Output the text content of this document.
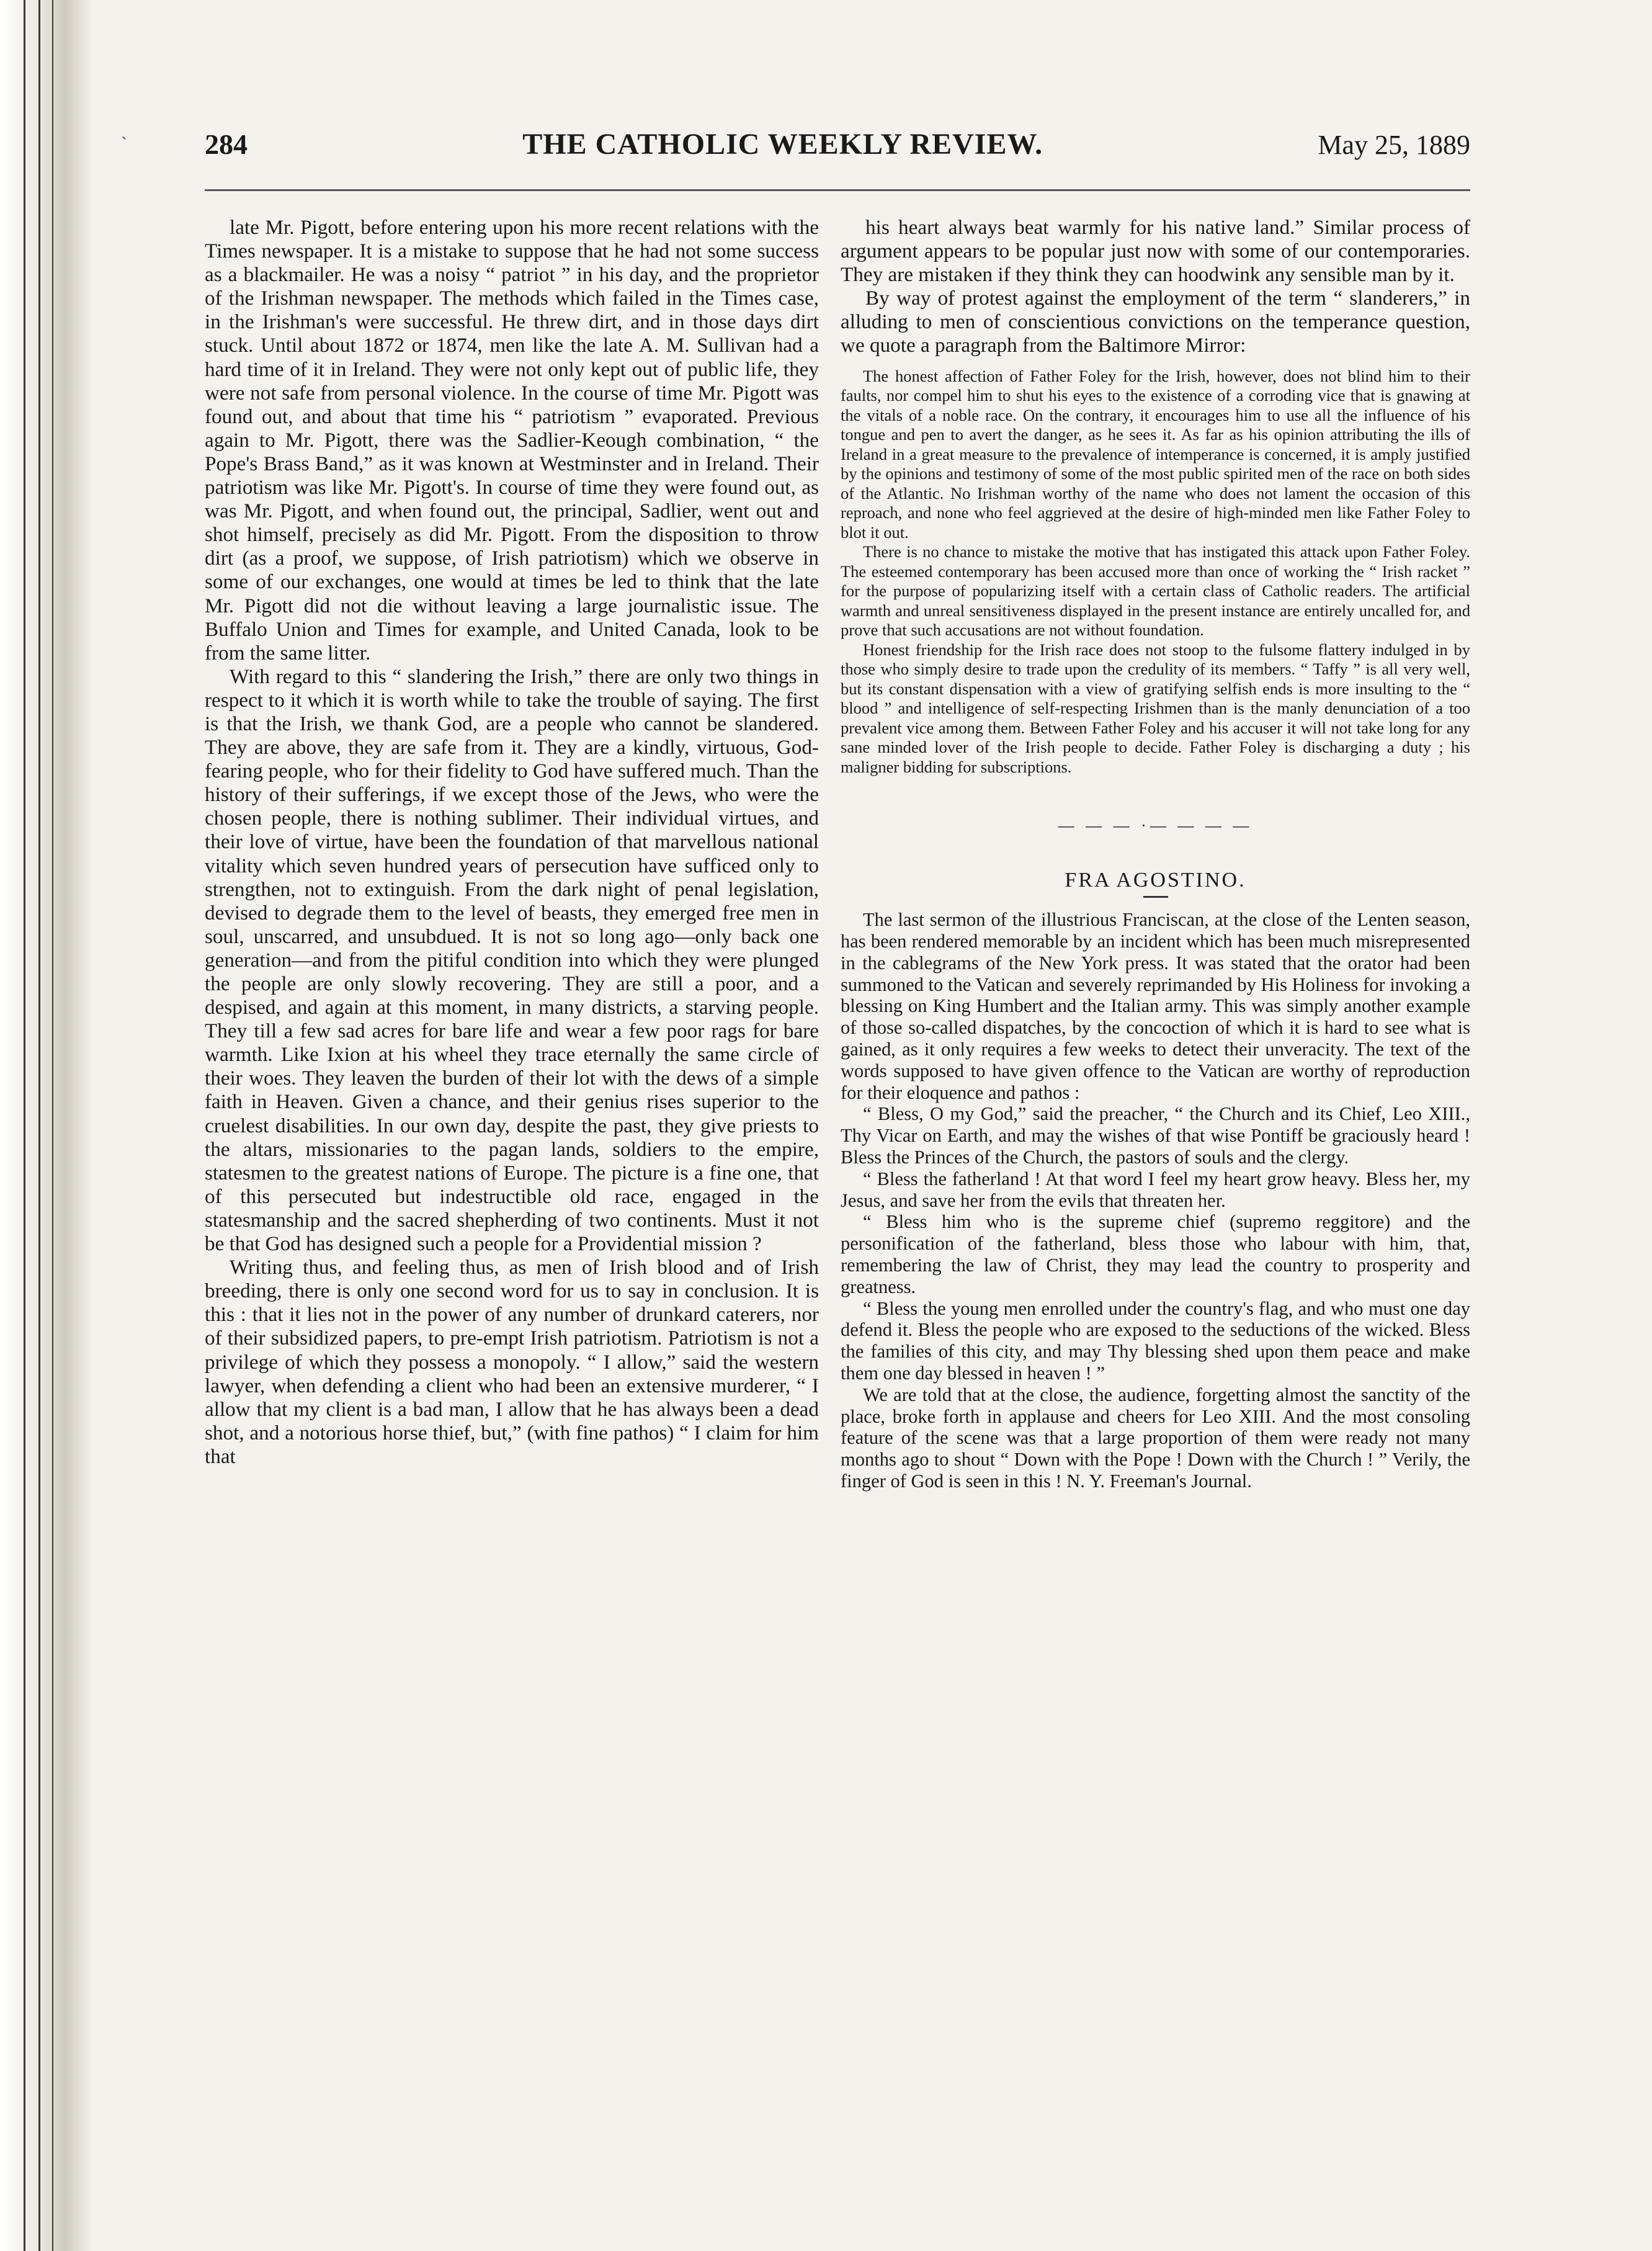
`	284	THE CATHOLIC WEEKLY REVIEW.	May 25, 1889

late Mr. Pigott, before entering upon his more recent relations with the Times newspaper. It is a mistake to suppose that he had not some success as a blackmailer. He was a noisy “ patriot ” in his day, and the proprietor of the Irishman newspaper. The methods which failed in the Times case, in the Irishman's were successful. He threw dirt, and in those days dirt stuck. Until about 1872 or 1874, men like the late A. M. Sullivan had a hard time of it in Ireland. They were not only kept out of public life, they were not safe from personal violence. In the course of time Mr. Pigott was found out, and about that time his “ patriotism ” evaporated. Previous again to Mr. Pigott, there was the Sadlier-Keough combination, “ the Pope's Brass Band,” as it was known at Westminster and in Ireland. Their patriotism was like Mr. Pigott's. In course of time they were found out, as was Mr. Pigott, and when found out, the principal, Sadlier, went out and shot himself, precisely as did Mr. Pigott. From the disposition to throw dirt (as a proof, we suppose, of Irish patriotism) which we observe in some of our exchanges, one would at times be led to think that the late Mr. Pigott did not die without leaving a large journalistic issue. The Buffalo Union and Times for example, and United Canada, look to be from the same litter.

With regard to this “ slandering the Irish,” there are only two things in respect to it which it is worth while to take the trouble of saying. The first is that the Irish, we thank God, are a people who cannot be slandered. They are above, they are safe from it. They are a kindly, virtuous, God-fearing people, who for their fidelity to God have suffered much. Than the history of their sufferings, if we except those of the Jews, who were the chosen people, there is nothing sublimer. Their individual virtues, and their love of virtue, have been the foundation of that marvellous national vitality which seven hundred years of persecution have sufficed only to strengthen, not to extinguish. From the dark night of penal legislation, devised to degrade them to the level of beasts, they emerged free men in soul, unscarred, and unsubdued. It is not so long ago—only back one generation—and from the pitiful condition into which they were plunged the people are only slowly recovering. They are still a poor, and a despised, and again at this moment, in many districts, a starving people. They till a few sad acres for bare life and wear a few poor rags for bare warmth. Like Ixion at his wheel they trace eternally the same circle of their woes. They leaven the burden of their lot with the dews of a simple faith in Heaven. Given a chance, and their genius rises superior to the cruelest disabilities. In our own day, despite the past, they give priests to the altars, missionaries to the pagan lands, soldiers to the empire, statesmen to the greatest nations of Europe. The picture is a fine one, that of this persecuted but indestructible old race, engaged in the statesmanship and the sacred shepherding of two continents. Must it not be that God has designed such a people for a Providential mission ?

Writing thus, and feeling thus, as men of Irish blood and of Irish breeding, there is only one second word for us to say in conclusion. It is this : that it lies not in the power of any number of drunkard caterers, nor of their subsidized papers, to pre-empt Irish patriotism. Patriotism is not a privilege of which they possess a monopoly. “ I allow,” said the western lawyer, when defending a client who had been an extensive murderer, “ I allow that my client is a bad man, I allow that he has always been a dead shot, and a notorious horse thief, but,” (with fine pathos) “ I claim for him that

his heart always beat warmly for his native land.” Similar process of argument appears to be popular just now with some of our contemporaries. They are mistaken if they think they can hoodwink any sensible man by it.

By way of protest against the employment of the term “ slanderers,” in alluding to men of conscientious convictions on the temperance question, we quote a paragraph from the Baltimore Mirror:

The honest affection of Father Foley for the Irish, however, does not blind him to their faults, nor compel him to shut his eyes to the existence of a corroding vice that is gnawing at the vitals of a noble race. On the contrary, it encourages him to use all the influence of his tongue and pen to avert the danger, as he sees it. As far as his opinion attributing the ills of Ireland in a great measure to the prevalence of intemperance is concerned, it is amply justified by the opinions and testimony of some of the most public spirited men of the race on both sides of the Atlantic. No Irishman worthy of the name who does not lament the occasion of this reproach, and none who feel aggrieved at the desire of high-minded men like Father Foley to blot it out.

There is no chance to mistake the motive that has instigated this attack upon Father Foley. The esteemed contemporary has been accused more than once of working the “ Irish racket ” for the purpose of popularizing itself with a certain class of Catholic readers. The artificial warmth and unreal sensitiveness displayed in the present instance are entirely uncalled for, and prove that such accusations are not without foundation.

Honest friendship for the Irish race does not stoop to the fulsome flattery indulged in by those who simply desire to trade upon the credulity of its members. “ Taffy ” is all very well, but its constant dispensation with a view of gratifying selfish ends is more insulting to the “ blood ” and intelligence of self-respecting Irishmen than is the manly denunciation of a too prevalent vice among them. Between Father Foley and his accuser it will not take long for any sane minded lover of the Irish people to decide. Father Foley is discharging a duty ; his maligner bidding for subscriptions.

— — — ·— — — —
FRA AGOSTINO.

The last sermon of the illustrious Franciscan, at the close of the Lenten season, has been rendered memorable by an incident which has been much misrepresented in the cablegrams of the New York press. It was stated that the orator had been summoned to the Vatican and severely reprimanded by His Holiness for invoking a blessing on King Humbert and the Italian army. This was simply another example of those so-called dispatches, by the concoction of which it is hard to see what is gained, as it only requires a few weeks to detect their unveracity. The text of the words supposed to have given offence to the Vatican are worthy of reproduction for their eloquence and pathos :

“ Bless, O my God,” said the preacher, “ the Church and its Chief, Leo XIII., Thy Vicar on Earth, and may the wishes of that wise Pontiff be graciously heard ! Bless the Princes of the Church, the pastors of souls and the clergy.

“ Bless the fatherland ! At that word I feel my heart grow heavy. Bless her, my Jesus, and save her from the evils that threaten her.

“ Bless him who is the supreme chief (supremo reggitore) and the personification of the fatherland, bless those who labour with him, that, remembering the law of Christ, they may lead the country to prosperity and greatness.

“ Bless the young men enrolled under the country's flag, and who must one day defend it. Bless the people who are exposed to the seductions of the wicked. Bless the families of this city, and may Thy blessing shed upon them peace and make them one day blessed in heaven ! ”

We are told that at the close, the audience, forgetting almost the sanctity of the place, broke forth in applause and cheers for Leo XIII. And the most consoling feature of the scene was that a large proportion of them were ready not many months ago to shout “ Down with the Pope ! Down with the Church ! ” Verily, the finger of God is seen in this ! N. Y. Freeman's Journal.
